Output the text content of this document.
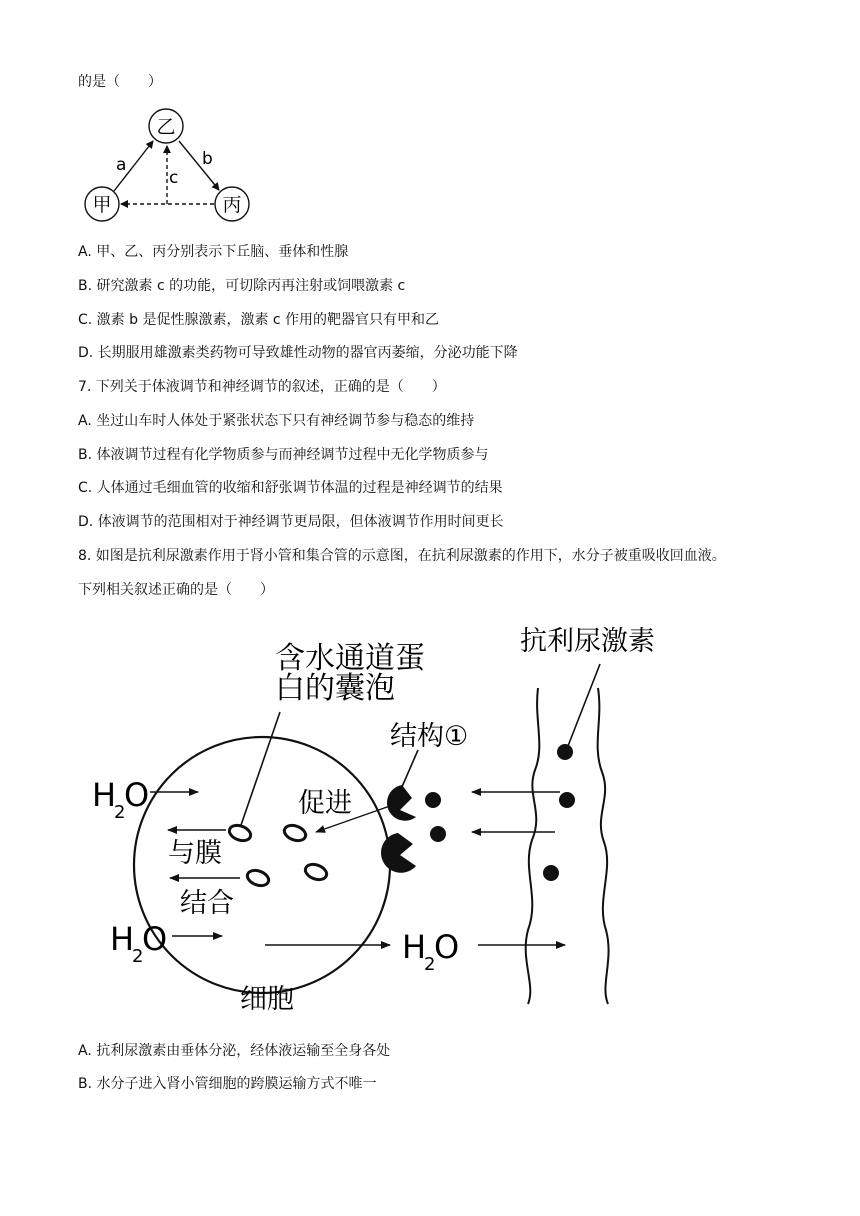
的是（　　）
乙
甲	丙
a	b
c
A. 甲、乙、丙分别表示下丘脑、垂体和性腺
B. 研究激素 c 的功能，可切除丙再注射或饲喂激素 c
C. 激素 b 是促性腺激素，激素 c 作用的靶器官只有甲和乙
D. 长期服用雄激素类药物可导致雄性动物的器官丙萎缩，分泌功能下降
7. 下列关于体液调节和神经调节的叙述，正确的是（　　）
A. 坐过山车时人体处于紧张状态下只有神经调节参与稳态的维持
B. 体液调节过程有化学物质参与而神经调节过程中无化学物质参与
C. 人体通过毛细血管的收缩和舒张调节体温的过程是神经调节的结果
D. 体液调节的范围相对于神经调节更局限，但体液调节作用时间更长
8. 如图是抗利尿激素作用于肾小管和集合管的示意图，在抗利尿激素的作用下，水分子被重吸收回血液。
下列相关叙述正确的是（　　）
含水通道蛋
白的囊泡
抗利尿激素
结构①
促进
与膜
结合
细胞
H
2
O
H
2
O	H
2
O
A. 抗利尿激素由垂体分泌，经体液运输至全身各处
B. 水分子进入肾小管细胞的跨膜运输方式不唯一
